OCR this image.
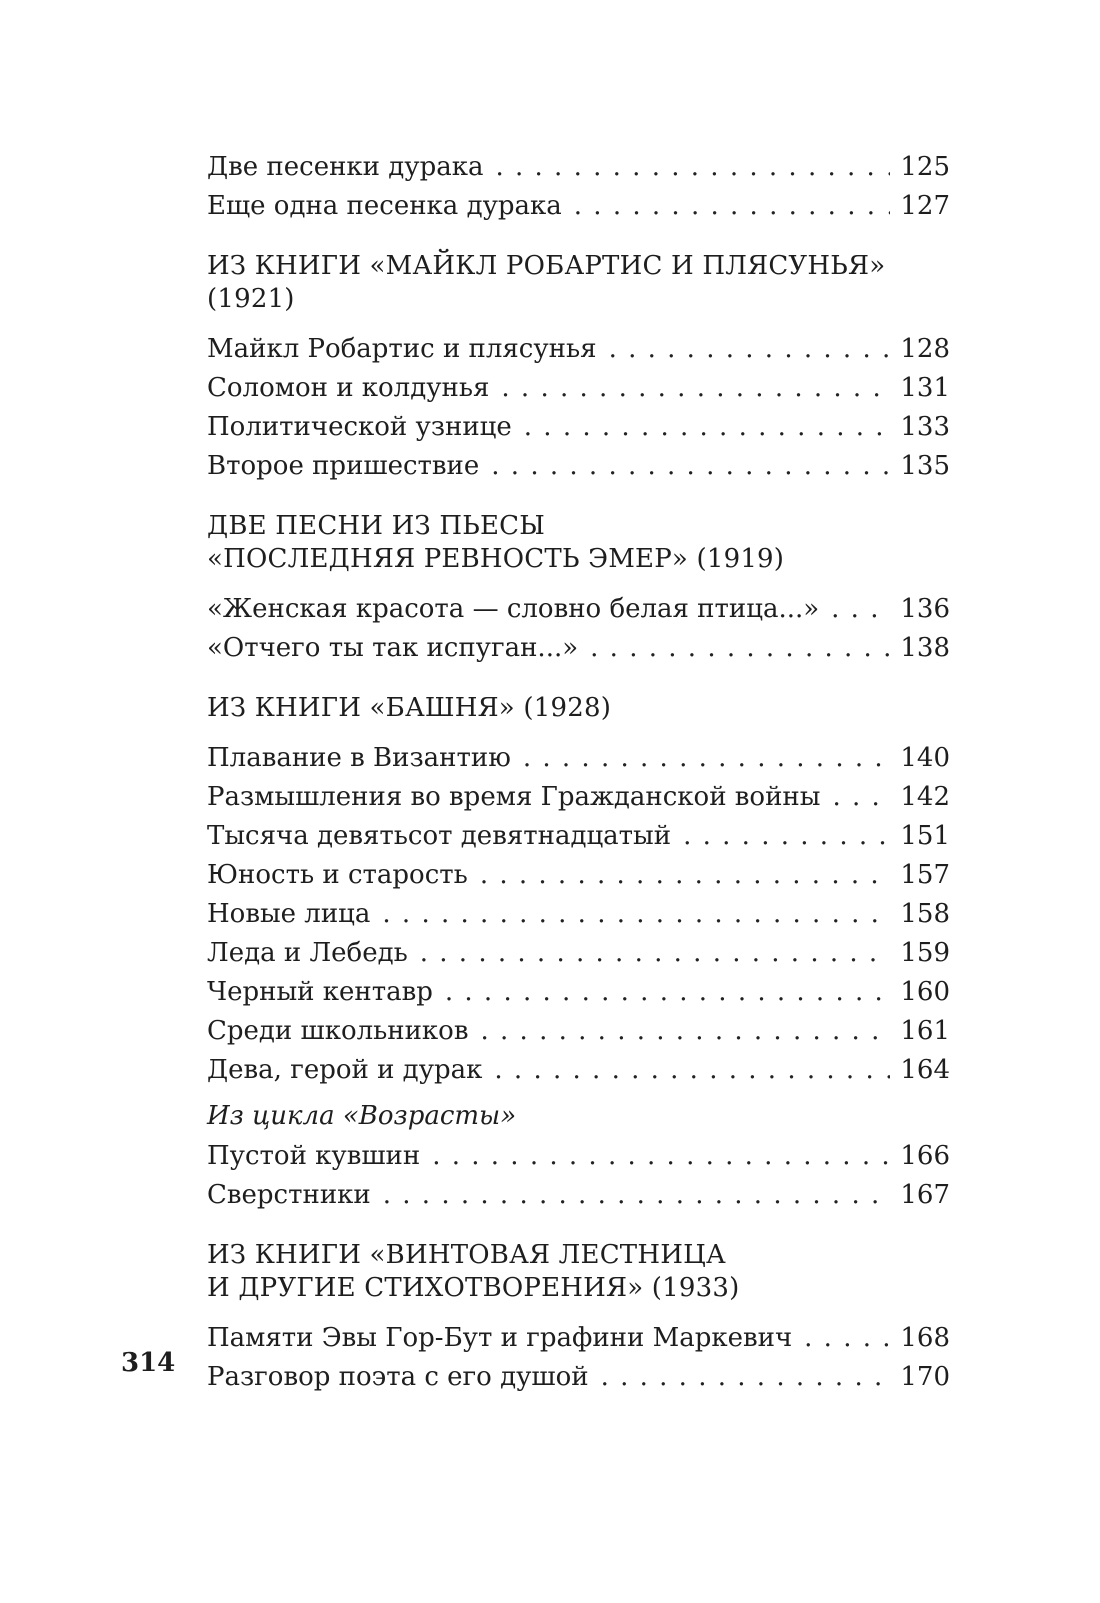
Две песенки дурака . . .	125
Еще одна песенка дурака . . .	127
ИЗ КНИГИ «МАЙКЛ РОБАРТИС И ПЛЯСУНЬЯ» (1921)
Майкл Робартис и плясунья . . .	128
Соломон и колдунья . . .	131
Политической узнице . . .	133
Второе пришествие . . .	135
ДВЕ ПЕСНИ ИЗ ПЬЕСЫ
«ПОСЛЕДНЯЯ РЕВНОСТЬ ЭМЕР» (1919)
«Женская красота — словно белая птица...» . . .	136
«Отчего ты так испуган...» . . .	138
ИЗ КНИГИ «БАШНЯ» (1928)
Плавание в Византию . . .	140
Размышления во время Гражданской войны . . .	142
Тысяча девятьсот девятнадцатый . . .	151
Юность и старость . . .	157
Новые лица . . .	158
Леда и Лебедь . . .	159
Черный кентавр . . .	160
Среди школьников . . .	161
Дева, герой и дурак . . .	164
Из цикла «Возрасты»
Пустой кувшин . . .	166
Сверстники . . .	167
ИЗ КНИГИ «ВИНТОВАЯ ЛЕСТНИЦА
И ДРУГИЕ СТИХОТВОРЕНИЯ» (1933)
Памяти Эвы Гор-Бут и графини Маркевич . . .	168
Разговор поэта с его душой . . .	170
314
